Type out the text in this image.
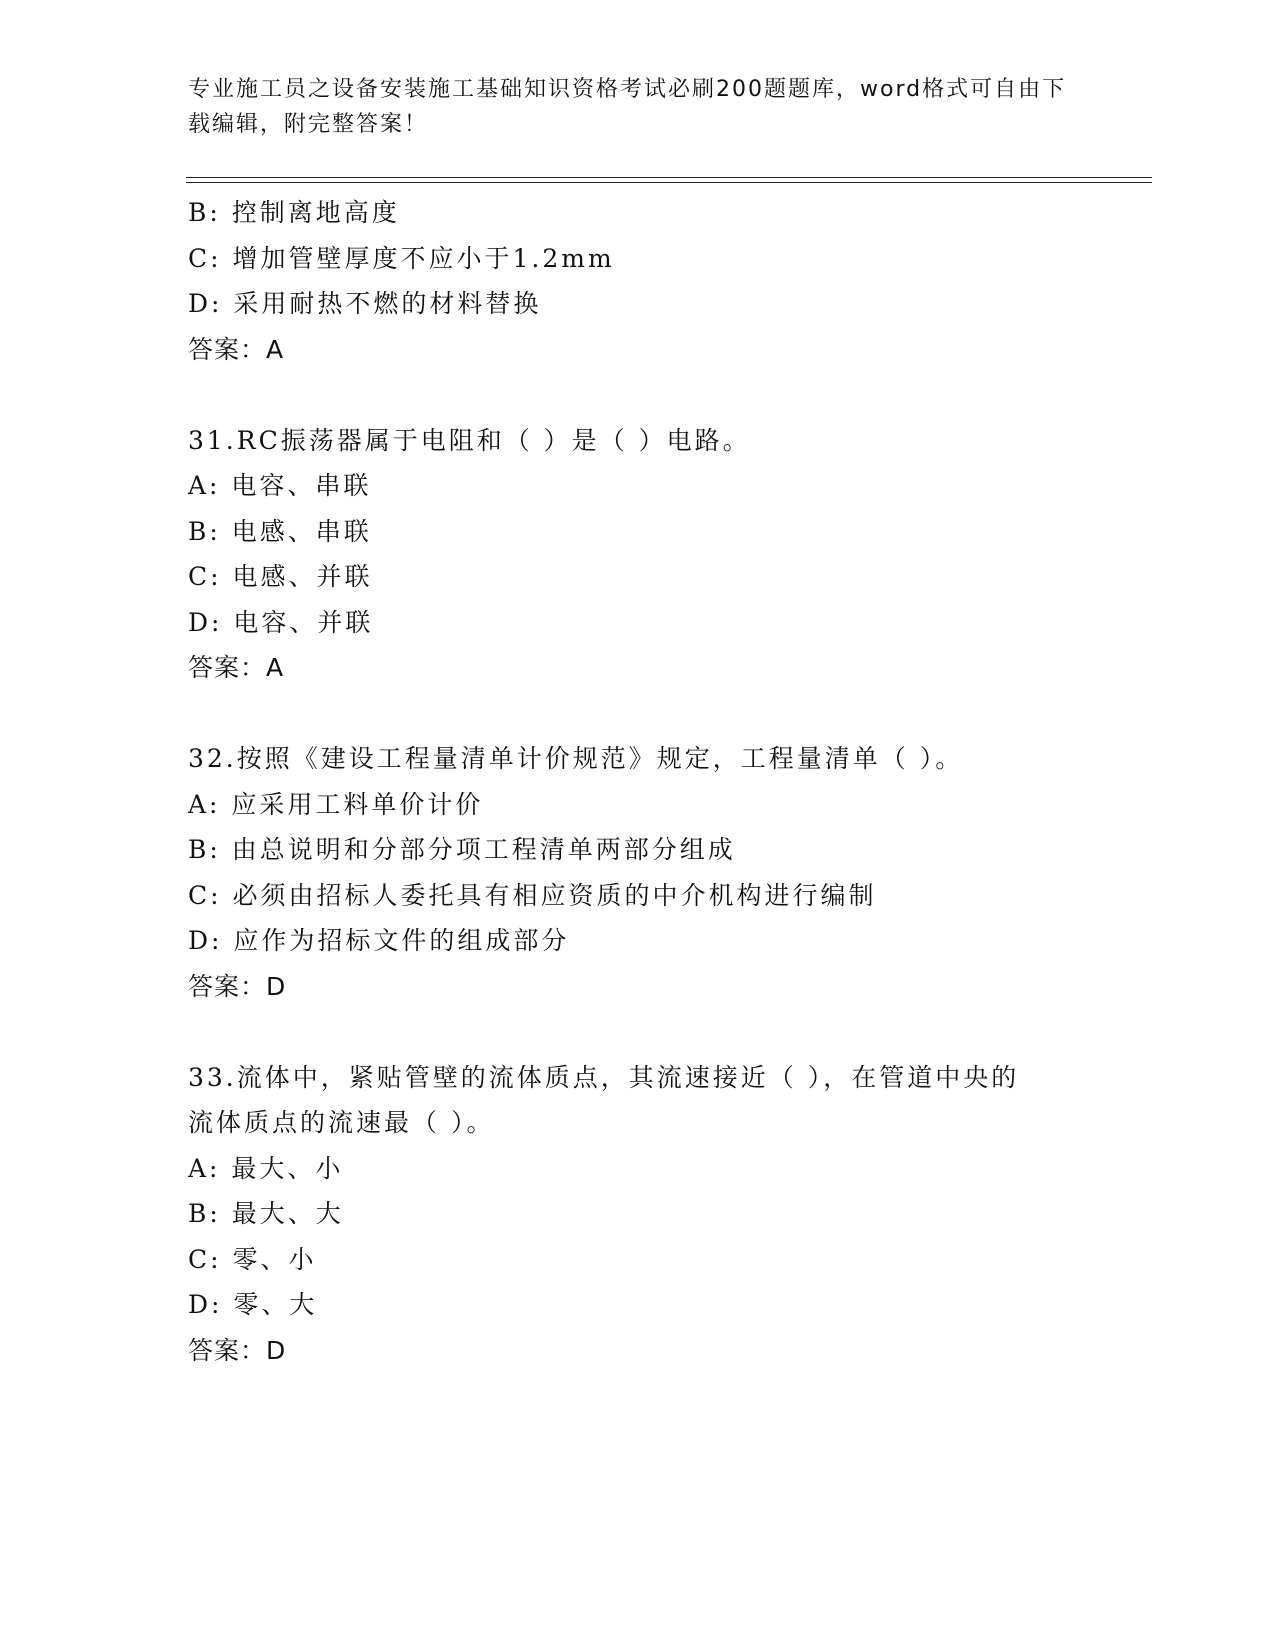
专业施工员之设备安装施工基础知识资格考试必刷200题题库，word格式可自由下载编辑，附完整答案！
B: 控制离地高度
C: 增加管壁厚度不应小于1.2mm
D: 采用耐热不燃的材料替换
答案：A
31.RC振荡器属于电阻和（ ）是（ ）电路。
A: 电容、串联
B: 电感、串联
C: 电感、并联
D: 电容、并联
答案：A
32.按照《建设工程量清单计价规范》规定，工程量清单（ ）。
A: 应采用工料单价计价
B: 由总说明和分部分项工程清单两部分组成
C: 必须由招标人委托具有相应资质的中介机构进行编制
D: 应作为招标文件的组成部分
答案：D
33.流体中，紧贴管壁的流体质点，其流速接近（ ），在管道中央的
流体质点的流速最（ ）。
A: 最大、小
B: 最大、大
C: 零、小
D: 零、大
答案：D
